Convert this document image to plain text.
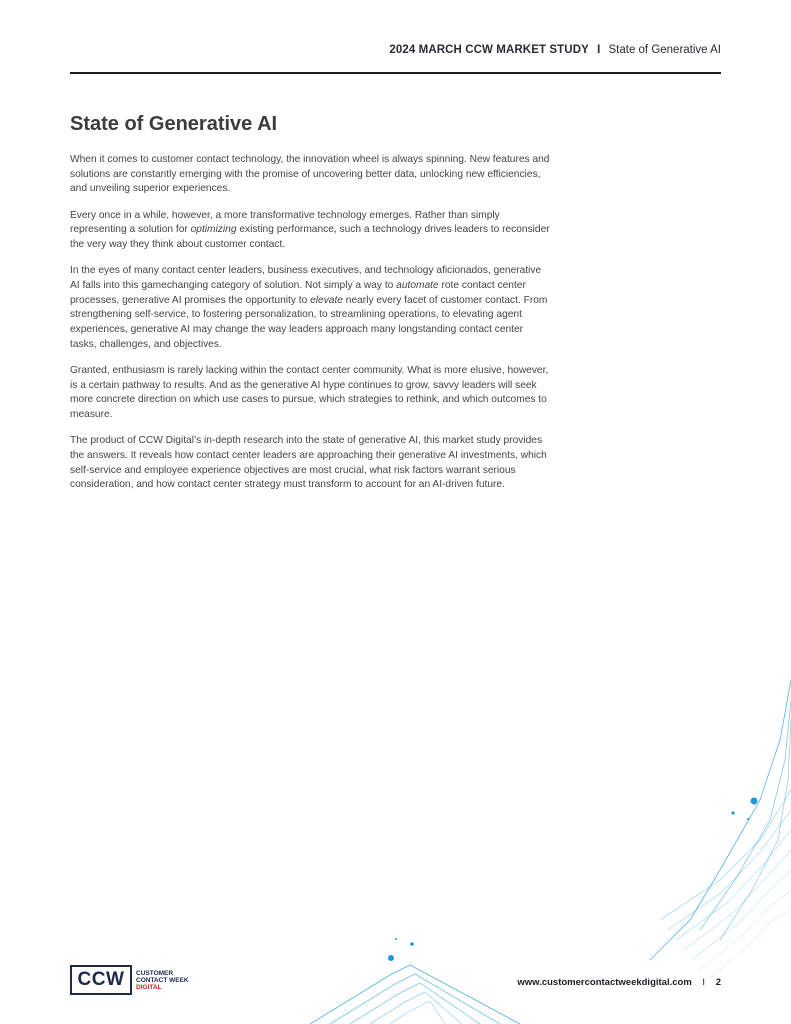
2024 MARCH CCW MARKET STUDY I State of Generative AI
State of Generative AI

When it comes to customer contact technology, the innovation wheel is always spinning. New features and solutions are constantly emerging with the promise of uncovering better data, unlocking new efficiencies, and unveiling superior experiences.

Every once in a while, however, a more transformative technology emerges. Rather than simply representing a solution for optimizing existing performance, such a technology drives leaders to reconsider the very way they think about customer contact.

In the eyes of many contact center leaders, business executives, and technology aficionados, generative AI falls into this gamechanging category of solution. Not simply a way to automate rote contact center processes, generative AI promises the opportunity to elevate nearly every facet of customer contact. From strengthening self-service, to fostering personalization, to streamlining operations, to elevating agent experiences, generative AI may change the way leaders approach many longstanding contact center tasks, challenges, and objectives.

Granted, enthusiasm is rarely lacking within the contact center community. What is more elusive, however, is a certain pathway to results. And as the generative AI hype continues to grow, savvy leaders will seek more concrete direction on which use cases to pursue, which strategies to rethink, and which outcomes to measure.

The product of CCW Digital’s in-depth research into the state of generative AI, this market study provides the answers. It reveals how contact center leaders are approaching their generative AI investments, which self-service and employee experience objectives are most crucial, what risk factors warrant serious consideration, and how contact center strategy must transform to account for an AI-driven future.

CCW	CUSTOMER
CONTACT WEEK
DIGITAL	www.customercontactweekdigital.com I 2
